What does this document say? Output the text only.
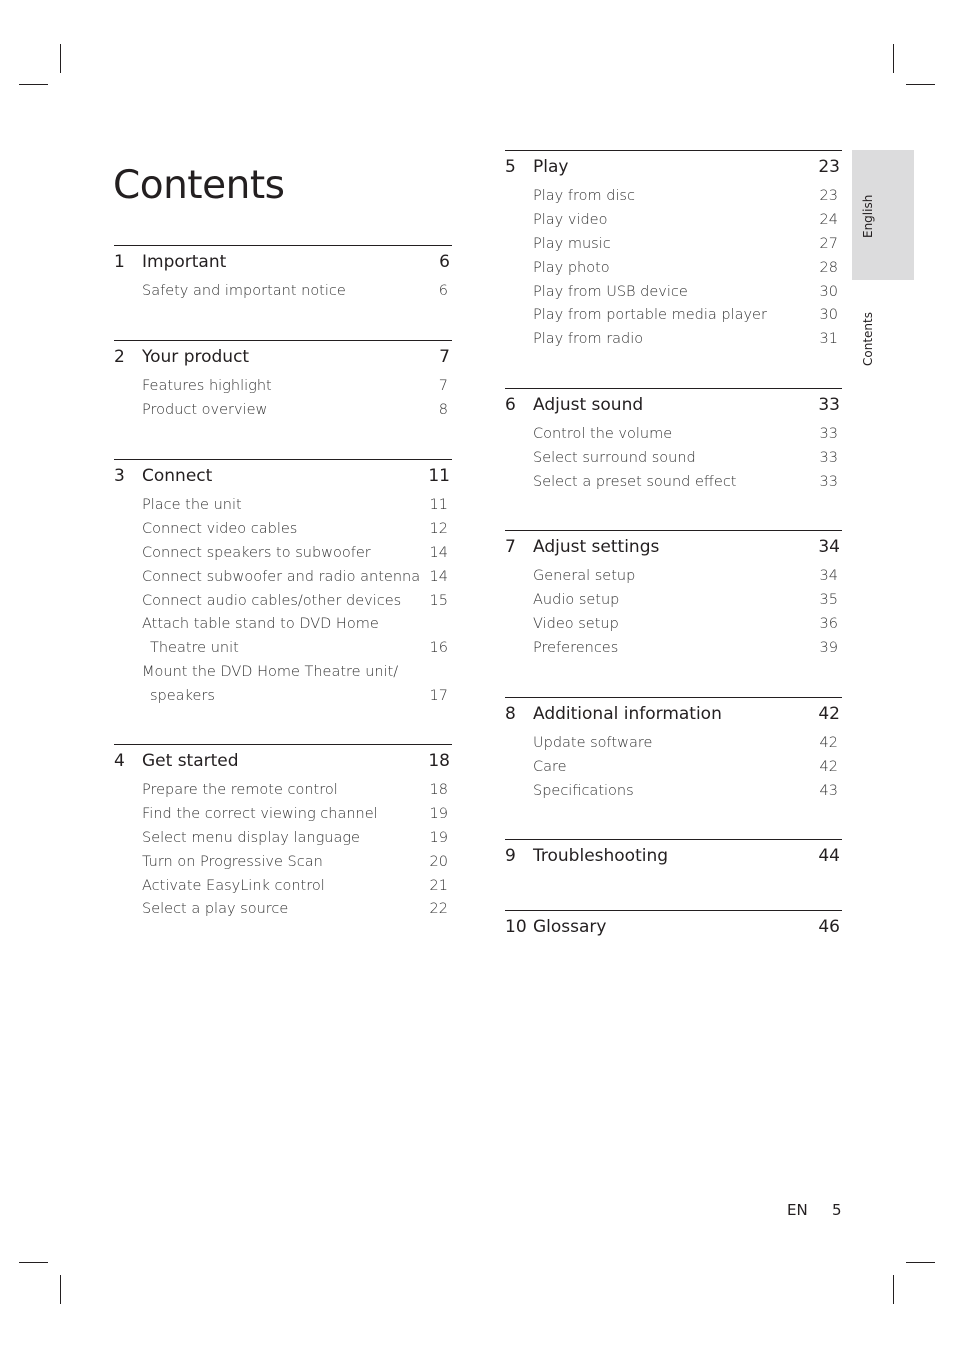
Contents
English
Contents
1 Important	6
Safety and important notice	6
2 Your product	7
Features highlight	7
Product overview	8
3 Connect	11
Place the unit	11
Connect video cables	12
Connect speakers to subwoofer	14
Connect subwoofer and radio antenna 14
Connect audio cables/other devices 15
Attach table stand to DVD Home
Theatre unit	16
Mount the DVD Home Theatre unit/
speakers	17
4 Get started	18
Prepare the remote control	18
Find the correct viewing channel	19
Select menu display language	19
Turn on Progressive Scan	20
Activate EasyLink control	21
Select a play source	22
5 Play	23
Play from disc	23
Play video	24
Play music	27
Play photo	28
Play from USB device	30
Play from portable media player	30
Play from radio	31
6 Adjust sound	33
Control the volume	33
Select surround sound	33
Select a preset sound effect	33
7 Adjust settings	34
General setup	34
Audio setup	35
Video setup	36
Preferences	39
8 Additional information	42
Update software	42
Care	42
Specifications	43
9 Troubleshooting	44
10 Glossary	46
EN 5
